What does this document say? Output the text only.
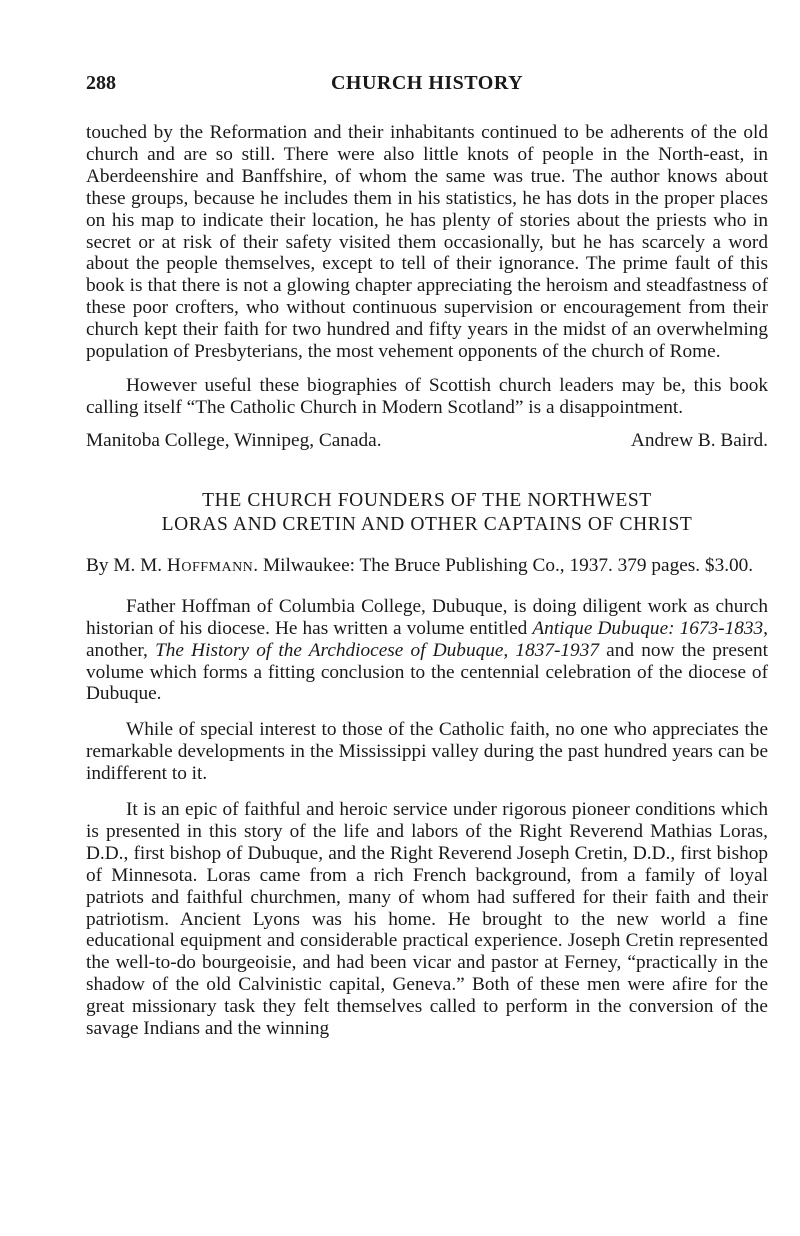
288	CHURCH HISTORY

touched by the Reformation and their inhabitants continued to be adherents of the old church and are so still. There were also little knots of people in the North-east, in Aberdeenshire and Banffshire, of whom the same was true. The author knows about these groups, because he includes them in his statistics, he has dots in the proper places on his map to indicate their location, he has plenty of stories about the priests who in secret or at risk of their safety visited them occasionally, but he has scarcely a word about the people themselves, except to tell of their ignorance. The prime fault of this book is that there is not a glowing chapter appreciating the heroism and steadfastness of these poor crofters, who without continuous supervision or encouragement from their church kept their faith for two hundred and fifty years in the midst of an overwhelming population of Presbyterians, the most vehement opponents of the church of Rome.

However useful these biographies of Scottish church leaders may be, this book calling itself “The Catholic Church in Modern Scotland” is a disappointment.

Manitoba College, Winnipeg, Canada.	Andrew B. Baird.
THE CHURCH FOUNDERS OF THE NORTHWEST
LORAS AND CRETIN AND OTHER CAPTAINS OF CHRIST

By M. M. Hoffmann. Milwaukee: The Bruce Publishing Co., 1937. 379 pages. $3.00.

Father Hoffman of Columbia College, Dubuque, is doing diligent work as church historian of his diocese. He has written a volume entitled Antique Dubuque: 1673-1833, another, The History of the Archdiocese of Dubuque, 1837-1937 and now the present volume which forms a fitting conclusion to the centennial celebration of the diocese of Dubuque.

While of special interest to those of the Catholic faith, no one who appreciates the remarkable developments in the Mississippi valley during the past hundred years can be indifferent to it.

It is an epic of faithful and heroic service under rigorous pioneer conditions which is presented in this story of the life and labors of the Right Reverend Mathias Loras, D.D., first bishop of Dubuque, and the Right Reverend Joseph Cretin, D.D., first bishop of Minnesota. Loras came from a rich French background, from a family of loyal patriots and faithful churchmen, many of whom had suffered for their faith and their patriotism. Ancient Lyons was his home. He brought to the new world a fine educational equipment and considerable practical experience. Joseph Cretin represented the well-to-do bourgeoisie, and had been vicar and pastor at Ferney, “practically in the shadow of the old Calvinistic capital, Geneva.” Both of these men were afire for the great missionary task they felt themselves called to perform in the conversion of the savage Indians and the winning
